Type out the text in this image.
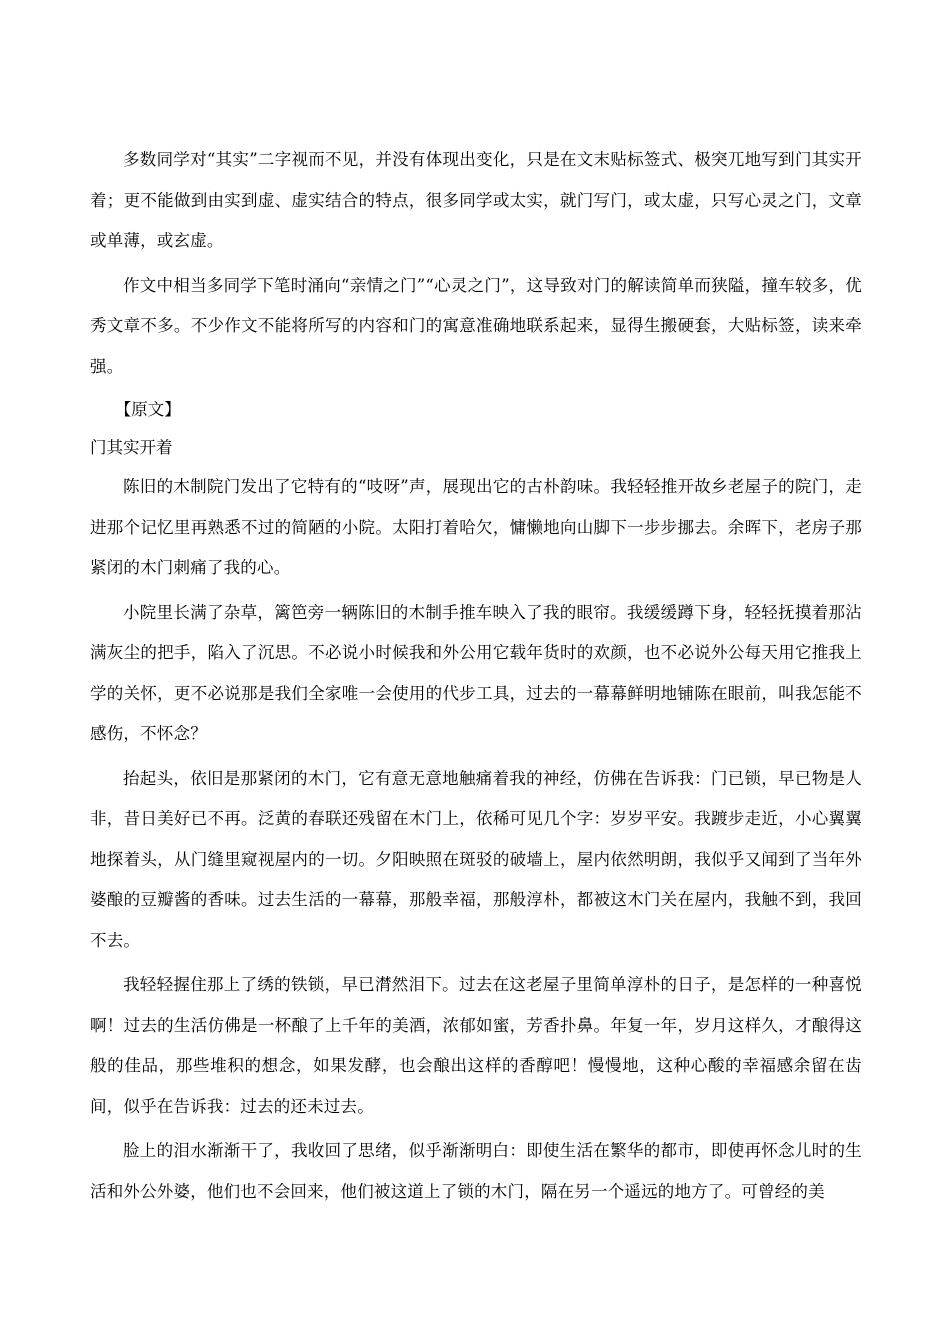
多数同学对“其实”二字视而不见，并没有体现出变化，只是在文末贴标签式、极突兀地写到门其实开着；更不能做到由实到虚、虚实结合的特点，很多同学或太实，就门写门，或太虚，只写心灵之门，文章或单薄，或玄虚。

作文中相当多同学下笔时涌向“亲情之门”“心灵之门”，这导致对门的解读简单而狭隘，撞车较多，优秀文章不多。不少作文不能将所写的内容和门的寓意准确地联系起来，显得生搬硬套，大贴标签，读来牵强。

【原文】

门其实开着

陈旧的木制院门发出了它特有的“吱呀”声，展现出它的古朴韵味。我轻轻推开故乡老屋子的院门，走进那个记忆里再熟悉不过的简陋的小院。太阳打着哈欠，慵懒地向山脚下一步步挪去。余晖下，老房子那紧闭的木门刺痛了我的心。

小院里长满了杂草，篱笆旁一辆陈旧的木制手推车映入了我的眼帘。我缓缓蹲下身，轻轻抚摸着那沾满灰尘的把手，陷入了沉思。不必说小时候我和外公用它载年货时的欢颜，也不必说外公每天用它推我上学的关怀，更不必说那是我们全家唯一会使用的代步工具，过去的一幕幕鲜明地铺陈在眼前，叫我怎能不感伤，不怀念？

抬起头，依旧是那紧闭的木门，它有意无意地触痛着我的神经，仿佛在告诉我：门已锁，早已物是人非，昔日美好已不再。泛黄的春联还残留在木门上，依稀可见几个字：岁岁平安。我踱步走近，小心翼翼地探着头，从门缝里窥视屋内的一切。夕阳映照在斑驳的破墙上，屋内依然明朗，我似乎又闻到了当年外婆酿的豆瓣酱的香味。过去生活的一幕幕，那般幸福，那般淳朴，都被这木门关在屋内，我触不到，我回不去。

我轻轻握住那上了绣的铁锁，早已潸然泪下。过去在这老屋子里简单淳朴的日子，是怎样的一种喜悦啊！过去的生活仿佛是一杯酿了上千年的美酒，浓郁如蜜，芳香扑鼻。年复一年，岁月这样久，才酿得这般的佳品，那些堆积的想念，如果发酵，也会酿出这样的香醇吧！慢慢地，这种心酸的幸福感余留在齿间，似乎在告诉我：过去的还未过去。

脸上的泪水渐渐干了，我收回了思绪，似乎渐渐明白：即使生活在繁华的都市，即使再怀念儿时的生活和外公外婆，他们也不会回来，他们被这道上了锁的木门，隔在另一个遥远的地方了。可曾经的美
